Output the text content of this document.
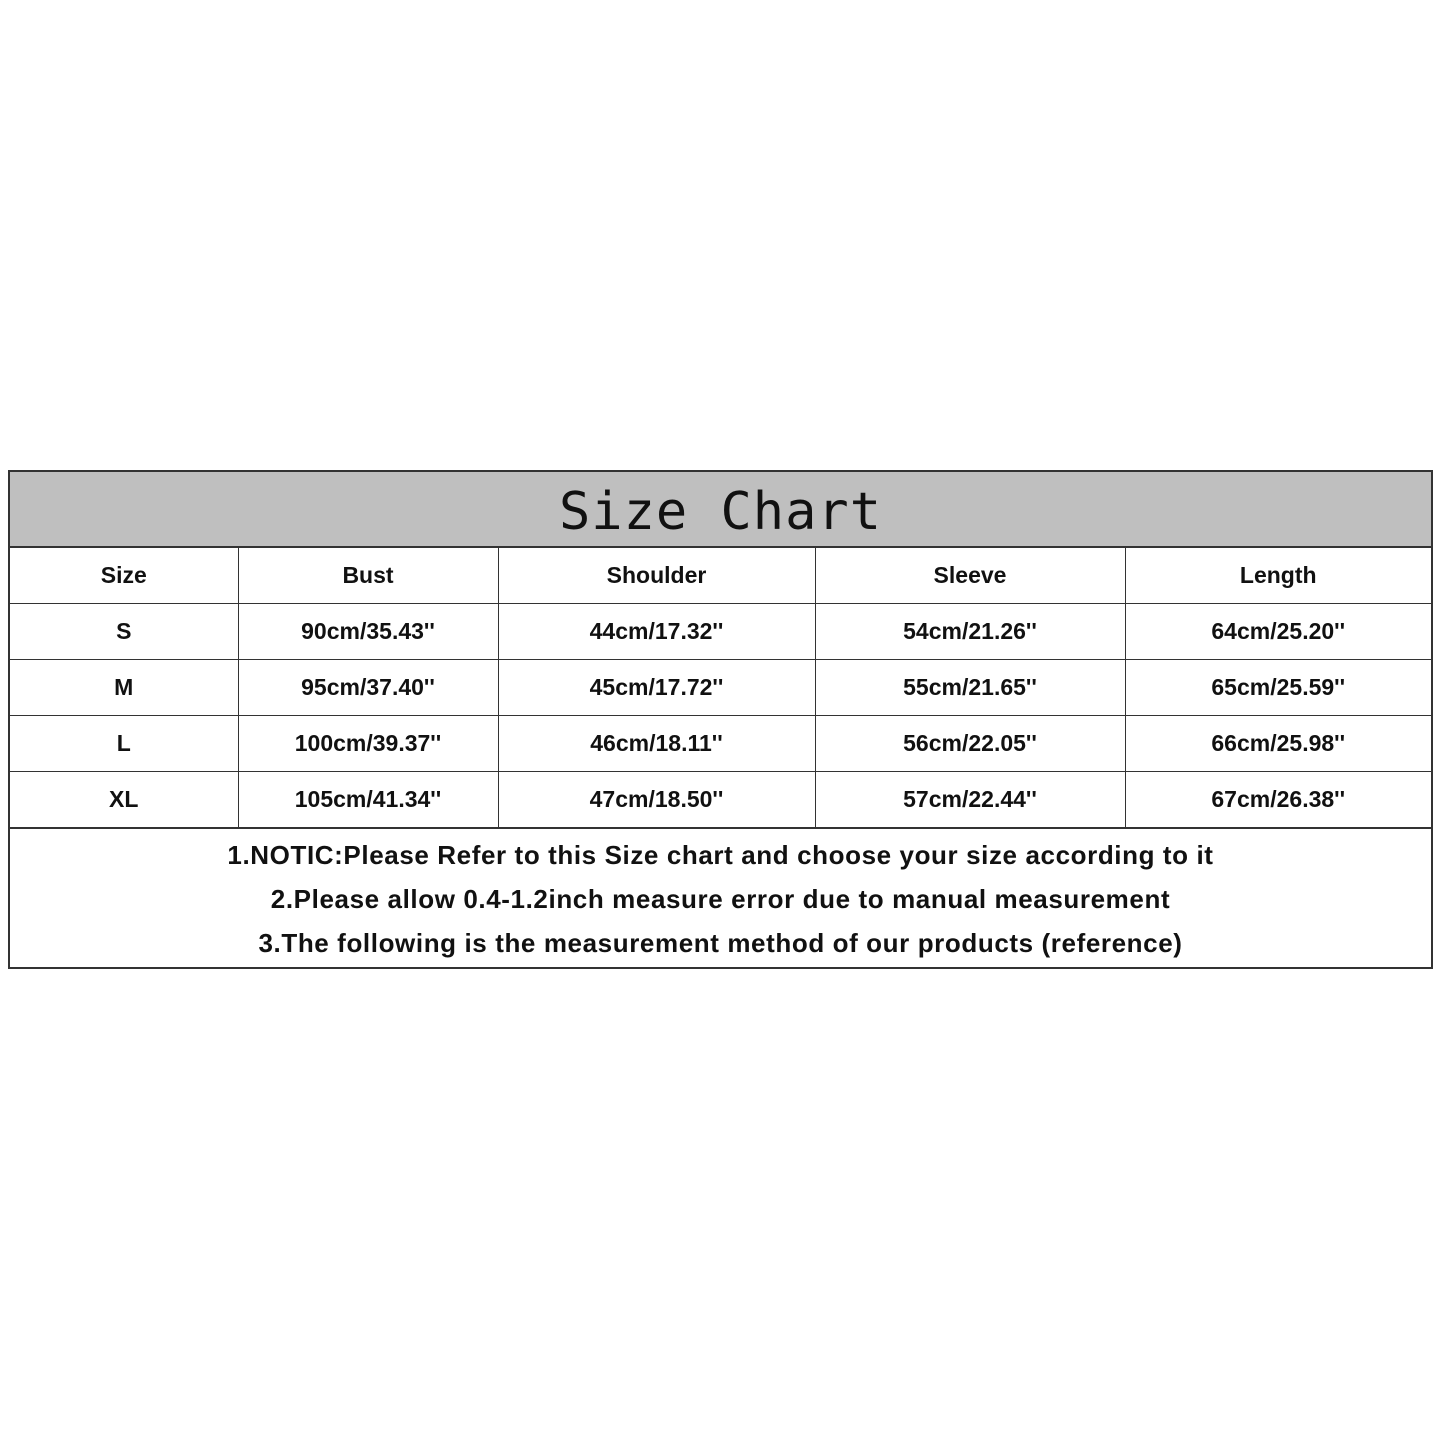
Size Chart
Size	Bust	Shoulder	Sleeve	Length
S	90cm/35.43''	44cm/17.32''	54cm/21.26''	64cm/25.20''
M	95cm/37.40''	45cm/17.72''	55cm/21.65''	65cm/25.59''
L	100cm/39.37''	46cm/18.11''	56cm/22.05''	66cm/25.98''
XL	105cm/41.34''	47cm/18.50''	57cm/22.44''	67cm/26.38''
1.NOTIC:Please Refer to this Size chart and choose your size according to it
2.Please allow 0.4-1.2inch measure error due to manual measurement
3.The following is the measurement method of our products (reference)
